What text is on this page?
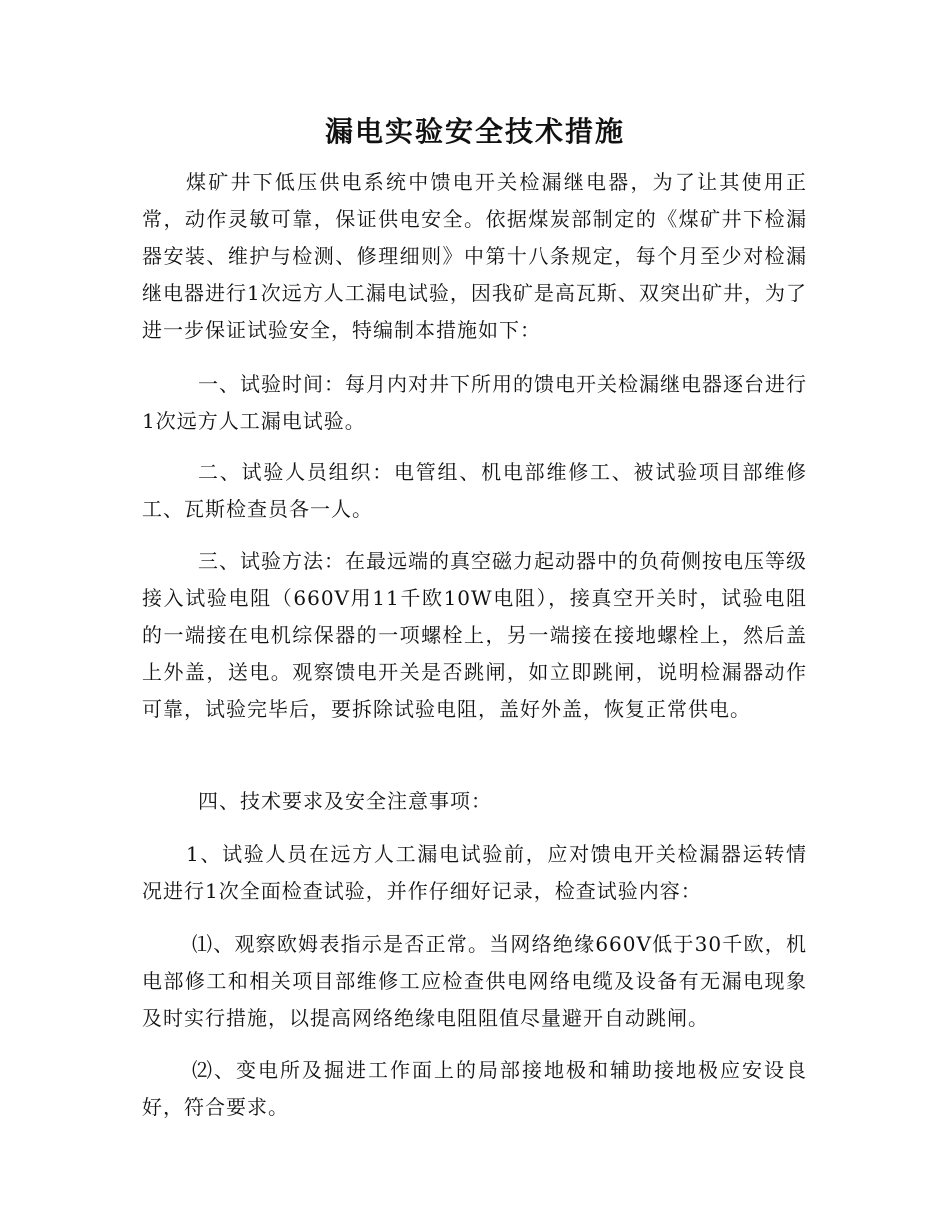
漏电实验安全技术措施

煤矿井下低压供电系统中馈电开关检漏继电器，为了让其使用正常，动作灵敏可靠，保证供电安全。依据煤炭部制定的《煤矿井下检漏器安装、维护与检测、修理细则》中第十八条规定，每个月至少对检漏继电器进行1次远方人工漏电试验，因我矿是高瓦斯、双突出矿井，为了进一步保证试验安全，特编制本措施如下：

一、试验时间：每月内对井下所用的馈电开关检漏继电器逐台进行1次远方人工漏电试验。

二、试验人员组织：电管组、机电部维修工、被试验项目部维修工、瓦斯检查员各一人。

三、试验方法：在最远端的真空磁力起动器中的负荷侧按电压等级接入试验电阻（660V用11千欧10W电阻），接真空开关时，试验电阻的一端接在电机综保器的一项螺栓上，另一端接在接地螺栓上，然后盖上外盖，送电。观察馈电开关是否跳闸，如立即跳闸，说明检漏器动作可靠，试验完毕后，要拆除试验电阻，盖好外盖，恢复正常供电。

四、技术要求及安全注意事项：

1、试验人员在远方人工漏电试验前，应对馈电开关检漏器运转情况进行1次全面检查试验，并作仔细好记录，检查试验内容：

⑴、观察欧姆表指示是否正常。当网络绝缘660V低于30千欧，机电部修工和相关项目部维修工应检查供电网络电缆及设备有无漏电现象及时实行措施，以提高网络绝缘电阻阻值尽量避开自动跳闸。

⑵、变电所及掘进工作面上的局部接地极和辅助接地极应安设良好，符合要求。
